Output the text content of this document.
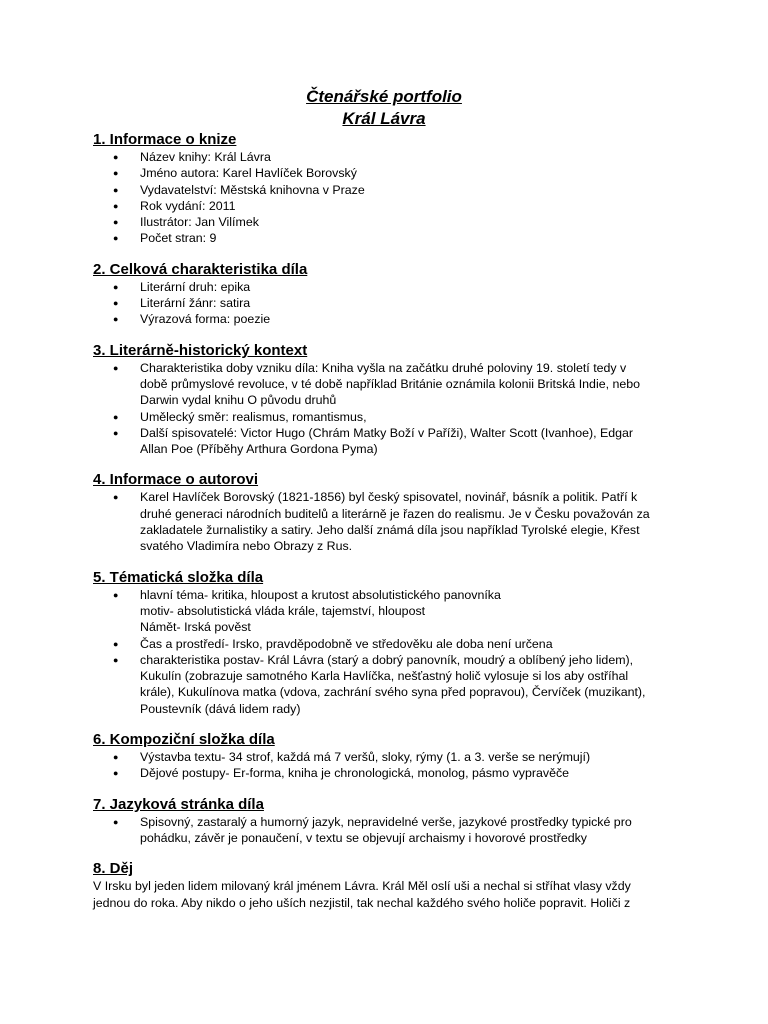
Čtenářské portfolio
Král Lávra
1. Informace o knize
● Název knihy: Král Lávra
● Jméno autora: Karel Havlíček Borovský
● Vydavatelství: Městská knihovna v Praze
● Rok vydání: 2011
● Ilustrátor: Jan Vilímek
● Počet stran: 9
2. Celková charakteristika díla
● Literární druh: epika
● Literární žánr: satira
● Výrazová forma: poezie
3. Literárně-historický kontext
● Charakteristika doby vzniku díla: Kniha vyšla na začátku druhé poloviny 19. století tedy v
době průmyslové revoluce, v té době například Británie oznámila kolonii Britská Indie, nebo
Darwin vydal knihu O původu druhů
● Umělecký směr: realismus, romantismus,
● Další spisovatelé: Victor Hugo (Chrám Matky Boží v Paříži), Walter Scott (Ivanhoe), Edgar
Allan Poe (Příběhy Arthura Gordona Pyma)
4. Informace o autorovi
● Karel Havlíček Borovský (1821-1856) byl český spisovatel, novinář, básník a politik. Patří k
druhé generaci národních buditelů a literárně je řazen do realismu. Je v Česku považován za
zakladatele žurnalistiky a satiry. Jeho další známá díla jsou například Tyrolské elegie, Křest
svatého Vladimíra nebo Obrazy z Rus.
5. Tématická složka díla
● hlavní téma- kritika, hloupost a krutost absolutistického panovníka
motiv- absolutistická vláda krále, tajemství, hloupost
Námět- Irská pověst
● Čas a prostředí- Irsko, pravděpodobně ve středověku ale doba není určena
● charakteristika postav- Král Lávra (starý a dobrý panovník, moudrý a oblíbený jeho lidem),
Kukulín (zobrazuje samotného Karla Havlíčka, nešťastný holič vylosuje si los aby ostříhal
krále), Kukulínova matka (vdova, zachrání svého syna před popravou), Červíček (muzikant),
Poustevník (dává lidem rady)
6. Kompoziční složka díla
● Výstavba textu- 34 strof, každá má 7 veršů, sloky, rýmy (1. a 3. verše se nerýmují)
● Dějové postupy- Er-forma, kniha je chronologická, monolog, pásmo vypravěče
7. Jazyková stránka díla
● Spisovný, zastaralý a humorný jazyk, nepravidelné verše, jazykové prostředky typické pro
pohádku, závěr je ponaučení, v textu se objevují archaismy i hovorové prostředky
8. Děj
V Irsku byl jeden lidem milovaný král jménem Lávra. Král Měl oslí uši a nechal si stříhat vlasy vždy
jednou do roka. Aby nikdo o jeho uších nezjistil, tak nechal každého svého holiče popravit. Holiči z
